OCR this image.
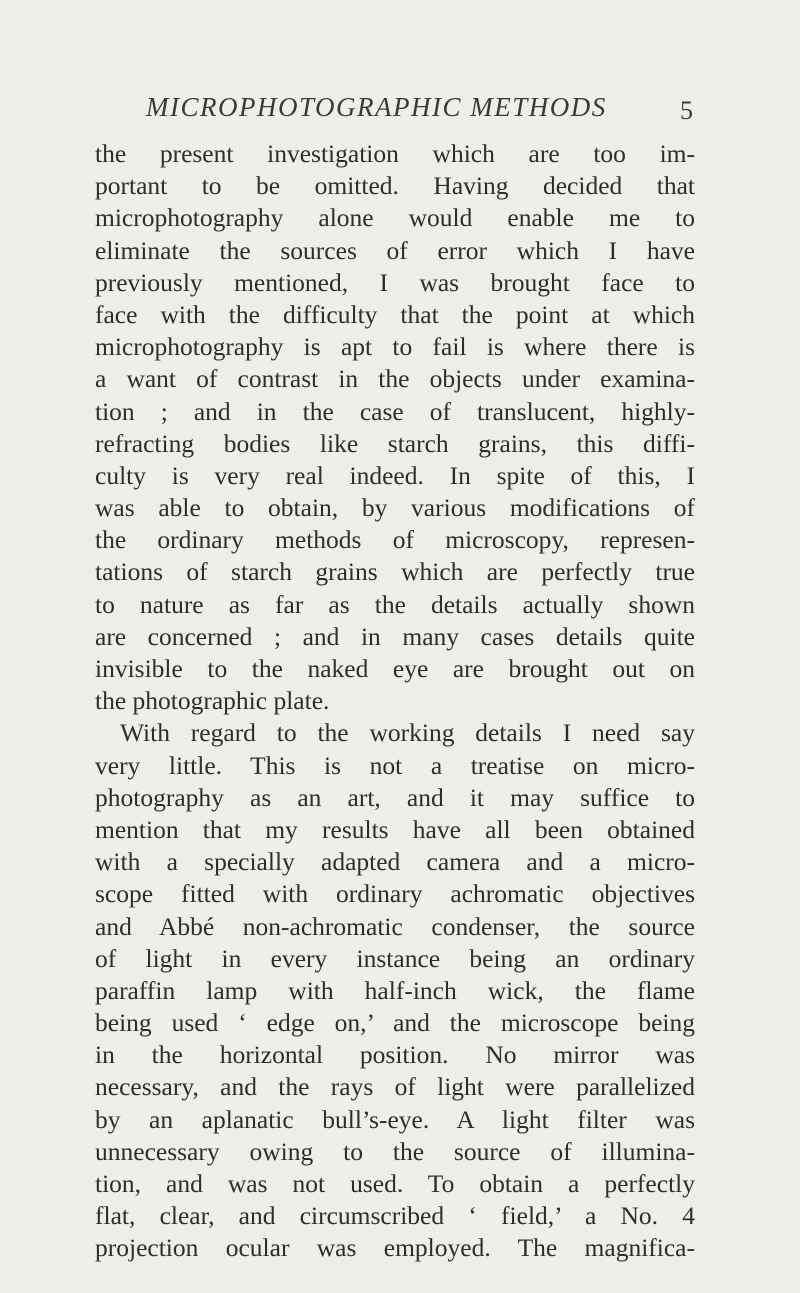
MICROPHOTOGRAPHIC METHODS	5
the present investigation which are too im-
portant to be omitted. Having decided that
microphotography alone would enable me to
eliminate the sources of error which I have
previously mentioned, I was brought face to
face with the difficulty that the point at which
microphotography is apt to fail is where there is
a want of contrast in the objects under examina-
tion ; and in the case of translucent, highly-
refracting bodies like starch grains, this diffi-
culty is very real indeed. In spite of this, I
was able to obtain, by various modifications of
the ordinary methods of microscopy, represen-
tations of starch grains which are perfectly true
to nature as far as the details actually shown
are concerned ; and in many cases details quite
invisible to the naked eye are brought out on
the photographic plate.
With regard to the working details I need say
very little. This is not a treatise on micro-
photography as an art, and it may suffice to
mention that my results have all been obtained
with a specially adapted camera and a micro-
scope fitted with ordinary achromatic objectives
and Abbé non-achromatic condenser, the source
of light in every instance being an ordinary
paraffin lamp with half-inch wick, the flame
being used ‘ edge on,’ and the microscope being
in the horizontal position. No mirror was
necessary, and the rays of light were parallelized
by an aplanatic bull’s-eye. A light filter was
unnecessary owing to the source of illumina-
tion, and was not used. To obtain a perfectly
flat, clear, and circumscribed ‘ field,’ a No. 4
projection ocular was employed. The magnifica-
